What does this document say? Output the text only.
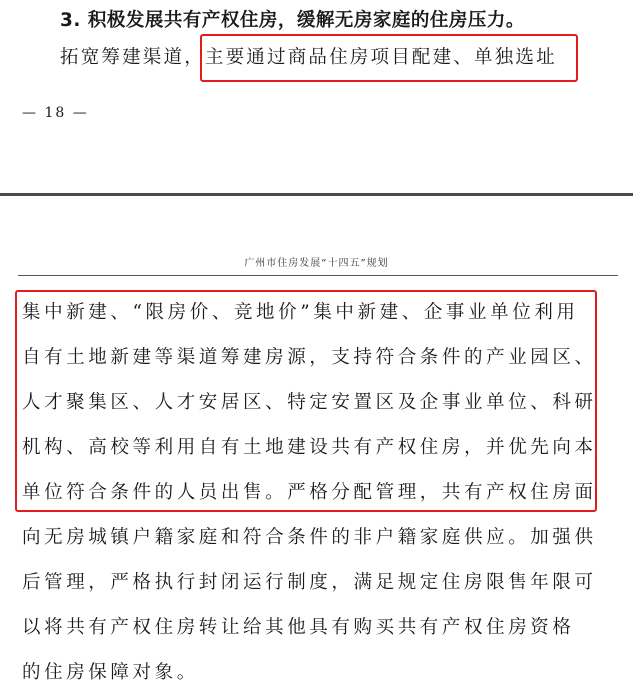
3. 积极发展共有产权住房，缓解无房家庭的住房压力。
拓宽筹建渠道，主要通过商品住房项目配建、单独选址
— 18 —
广州市住房发展“十四五”规划
集中新建、“限房价、竞地价”集中新建、企事业单位利用
自有土地新建等渠道筹建房源，支持符合条件的产业园区、
人才聚集区、人才安居区、特定安置区及企事业单位、科研
机构、高校等利用自有土地建设共有产权住房，并优先向本
单位符合条件的人员出售。严格分配管理，共有产权住房面
向无房城镇户籍家庭和符合条件的非户籍家庭供应。加强供
后管理，严格执行封闭运行制度，满足规定住房限售年限可
以将共有产权住房转让给其他具有购买共有产权住房资格
的住房保障对象。
